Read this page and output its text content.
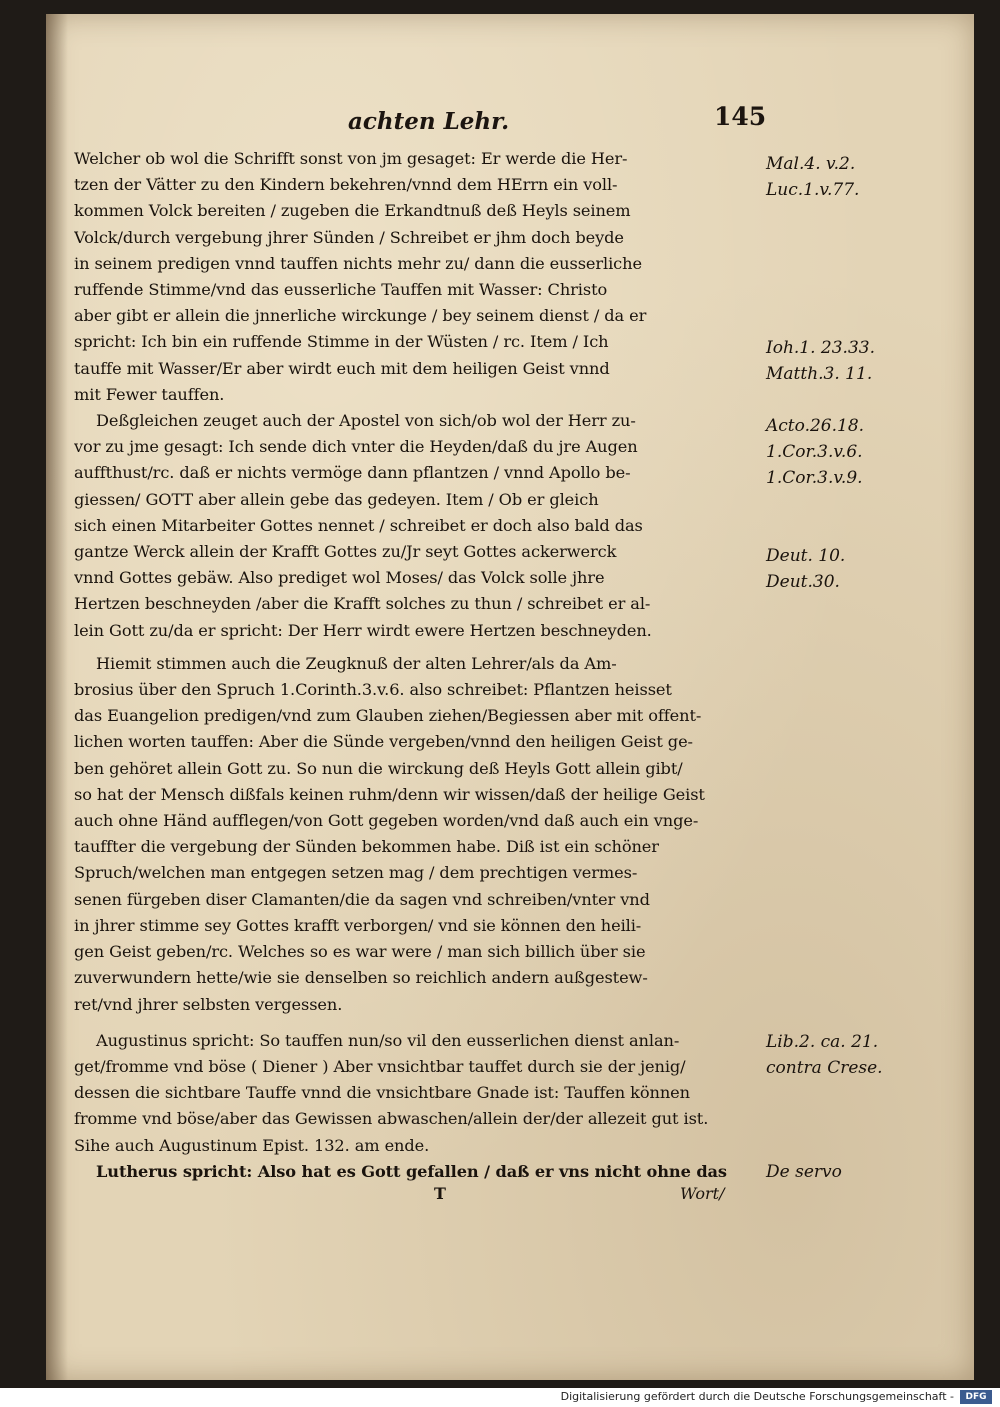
achten Lehr.	145

Welcher ob wol die Schrifft sonst von jm gesaget: Er werde die Her-
tzen der Vätter zu den Kindern bekehren/vnnd dem HErrn ein voll-
kommen Volck bereiten / zugeben die Erkandtnuß deß Heyls seinem
Volck/durch vergebung jhrer Sünden / Schreibet er jhm doch beyde
in seinem predigen vnnd tauffen nichts mehr zu/ dann die eusserliche
ruffende Stimme/vnd das eusserliche Tauffen mit Wasser: Christo
aber gibt er allein die jnnerliche wirckunge / bey seinem dienst / da er
spricht: Ich bin ein ruffende Stimme in der Wüsten / rc. Item / Ich
tauffe mit Wasser/Er aber wirdt euch mit dem heiligen Geist vnnd
mit Fewer tauffen.

Deßgleichen zeuget auch der Apostel von sich/ob wol der Herr zu-
vor zu jme gesagt: Ich sende dich vnter die Heyden/daß du jre Augen
auffthust/rc. daß er nichts vermöge dann pflantzen / vnnd Apollo be-
giessen/ GOTT aber allein gebe das gedeyen. Item / Ob er gleich
sich einen Mitarbeiter Gottes nennet / schreibet er doch also bald das
gantze Werck allein der Krafft Gottes zu/Jr seyt Gottes ackerwerck
vnnd Gottes gebäw. Also prediget wol Moses/ das Volck solle jhre
Hertzen beschneyden /aber die Krafft solches zu thun / schreibet er al-
lein Gott zu/da er spricht: Der Herr wirdt ewere Hertzen beschneyden.

Hiemit stimmen auch die Zeugknuß der alten Lehrer/als da Am-
brosius über den Spruch 1.Corinth.3.v.6. also schreibet: Pflantzen heisset
das Euangelion predigen/vnd zum Glauben ziehen/Begiessen aber mit offent-
lichen worten tauffen: Aber die Sünde vergeben/vnnd den heiligen Geist ge-
ben gehöret allein Gott zu. So nun die wirckung deß Heyls Gott allein gibt/
so hat der Mensch dißfals keinen ruhm/denn wir wissen/daß der heilige Geist
auch ohne Händ aufflegen/von Gott gegeben worden/vnd daß auch ein vnge-
tauffter die vergebung der Sünden bekommen habe. Diß ist ein schöner
Spruch/welchen man entgegen setzen mag / dem prechtigen vermes-
senen fürgeben diser Clamanten/die da sagen vnd schreiben/vnter vnd
in jhrer stimme sey Gottes krafft verborgen/ vnd sie können den heili-
gen Geist geben/rc. Welches so es war were / man sich billich über sie
zuverwundern hette/wie sie denselben so reichlich andern außgestew-
ret/vnd jhrer selbsten vergessen.

Augustinus spricht: So tauffen nun/so vil den eusserlichen dienst anlan-
get/fromme vnd böse ( Diener ) Aber vnsichtbar tauffet durch sie der jenig/
dessen die sichtbare Tauffe vnnd die vnsichtbare Gnade ist: Tauffen können
fromme vnd böse/aber das Gewissen abwaschen/allein der/der allezeit gut ist.
Sihe auch Augustinum Epist. 132. am ende.

Lutherus spricht: Also hat es Gott gefallen / daß er vns nicht ohne das

Mal.4. v.2.
Luc.1.v.77.
Ioh.1. 23.33.
Matth.3. 11.
Acto.26.18.
1.Cor.3.v.6.
1.Cor.3.v.9.
Deut. 10.
Deut.30.
Lib.2. ca. 21.
contra Crese.
De servo
T	Wort/
Digitalisierung gefördert durch die Deutsche Forschungsgemeinschaft -	DFG
